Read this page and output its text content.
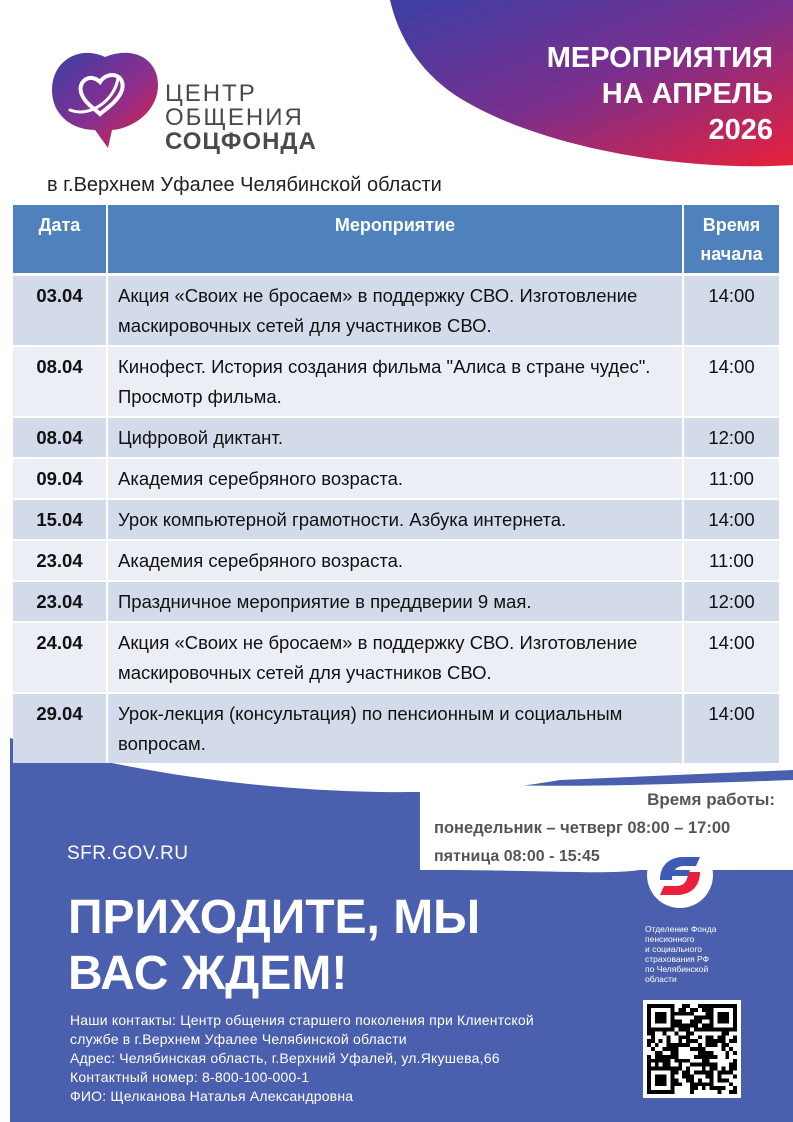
ЦЕНТР
ОБЩЕНИЯ
СОЦФОНДА
МЕРОПРИЯТИЯ
НА АПРЕЛЬ
2026
в г.Верхнем Уфалее Челябинской области
Дата	Мероприятие	Время
начала

03.04	Акция «Своих не бросаем» в поддержку СВО. Изготовление маскировочных сетей для участников СВО.	14:00
08.04	Кинофест. История создания фильма "Алиса в стране чудес". Просмотр фильма.	14:00
08.04	Цифровой диктант.	12:00
09.04	Академия серебряного возраста.	11:00
15.04	Урок компьютерной грамотности. Азбука интернета.	14:00
23.04	Академия серебряного возраста.	11:00
23.04	Праздничное мероприятие в преддверии 9 мая.	12:00
24.04	Акция «Своих не бросаем» в поддержку СВО. Изготовление маскировочных сетей для участников СВО.	14:00
29.04	Урок-лекция (консультация) по пенсионным и социальным вопросам.	14:00
Время работы:
понедельник – четверг 08:00 – 17:00
пятница 08:00 - 15:45
SFR.GOV.RU
ПРИХОДИТЕ, МЫ
ВАС ЖДЕМ!
Наши контакты: Центр общения старшего поколения при Клиентской
службе в г.Верхнем Уфалее Челябинской области
Адрес: Челябинская область, г.Верхний Уфалей, ул.Якушева,66
Контактный номер: 8-800-100-000-1
ФИО: Щелканова Наталья Александровна
Отделение Фонда
пенсионного
и социального
страхования РФ
по Челябинской
области
